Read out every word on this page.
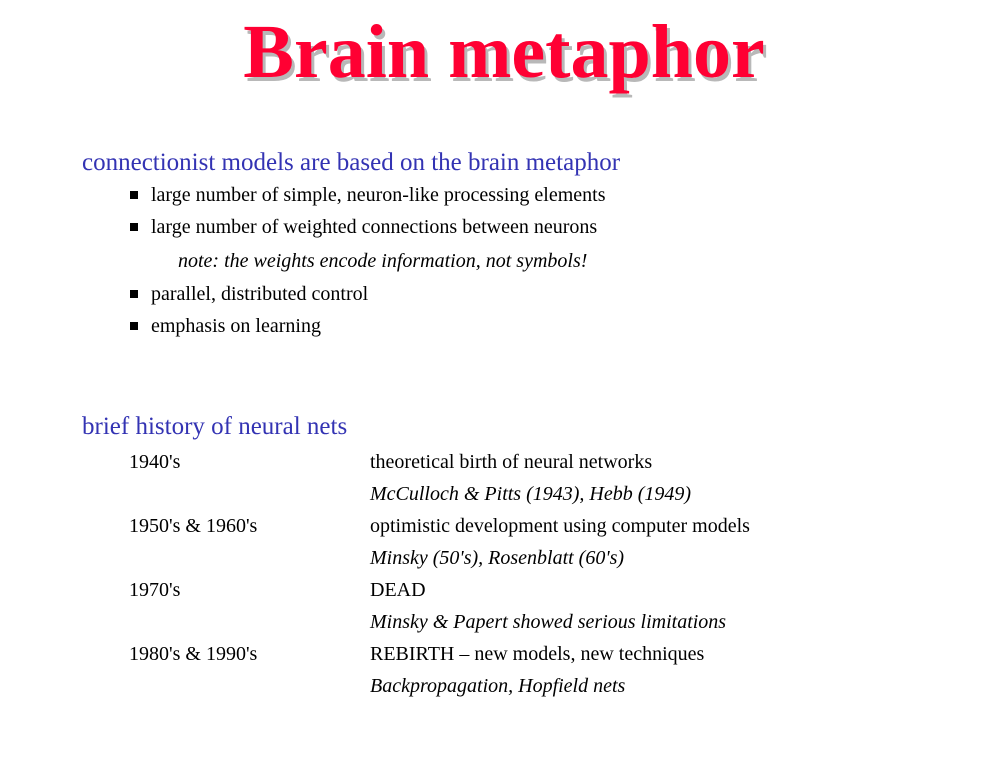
Brain metaphor
connectionist models are based on the brain metaphor
large number of simple, neuron-like processing elements
large number of weighted connections between neurons
note: the weights encode information, not symbols!
parallel, distributed control
emphasis on learning
brief history of neural nets
1940's	theoretical birth of neural networks
McCulloch & Pitts (1943), Hebb (1949)
1950's & 1960's	optimistic development using computer models
Minsky (50's), Rosenblatt (60's)
1970's	DEAD
Minsky & Papert showed serious limitations
1980's & 1990's	REBIRTH – new models, new techniques
Backpropagation, Hopfield nets
